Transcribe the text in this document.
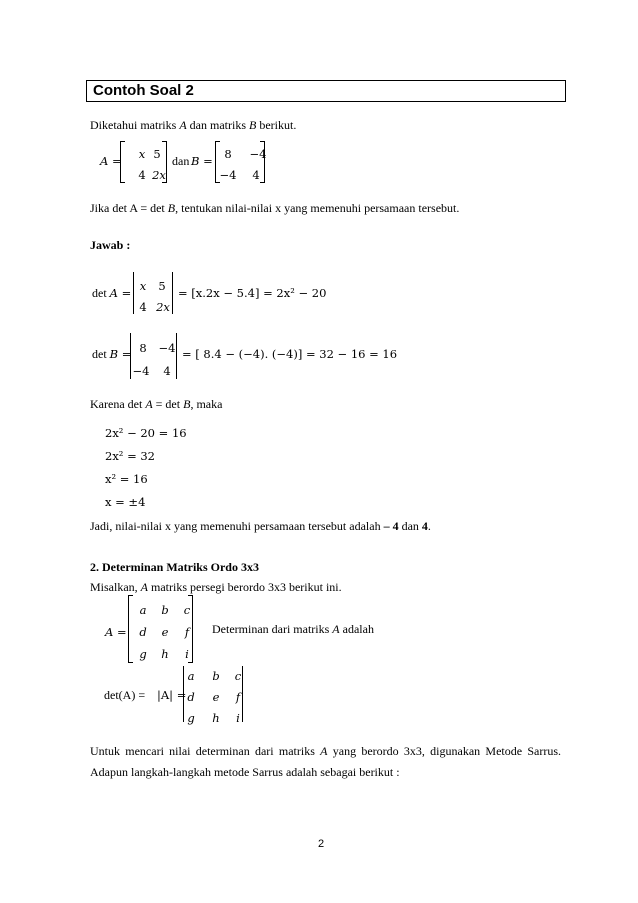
Contoh Soal 2
Diketahui matriks A dan matriks B berikut.
A =	x 5
4 2x
dan B =	8	−4
−4	4
Jika det A = det B, tentukan nilai-nilai x yang memenuhi persamaan tersebut.
Jawab :
det A = x	5
4 2x
= [x.2x − 5.4] = 2x² − 20
det B = 8	−4
−4	4
= [ 8.4 − (−4). (−4)] = 32 − 16 = 16
Karena det A = det B, maka
2x² − 20 = 16
2x² = 32
x² = 16
x = ±4
Jadi, nilai-nilai x yang memenuhi persamaan tersebut adalah – 4 dan 4.
2. Determinan Matriks Ordo 3x3
Misalkan, A matriks persegi berordo 3x3 berikut ini.
A =
a	b	c
d	e	f
g	h	i
Determinan dari matriks A adalah
det(A) = |A| =
a	b	c
d	e	f
g	h	i
Untuk mencari nilai determinan dari matriks A yang berordo 3x3, digunakan Metode Sarrus.
Adapun langkah-langkah metode Sarrus adalah sebagai berikut :
2
